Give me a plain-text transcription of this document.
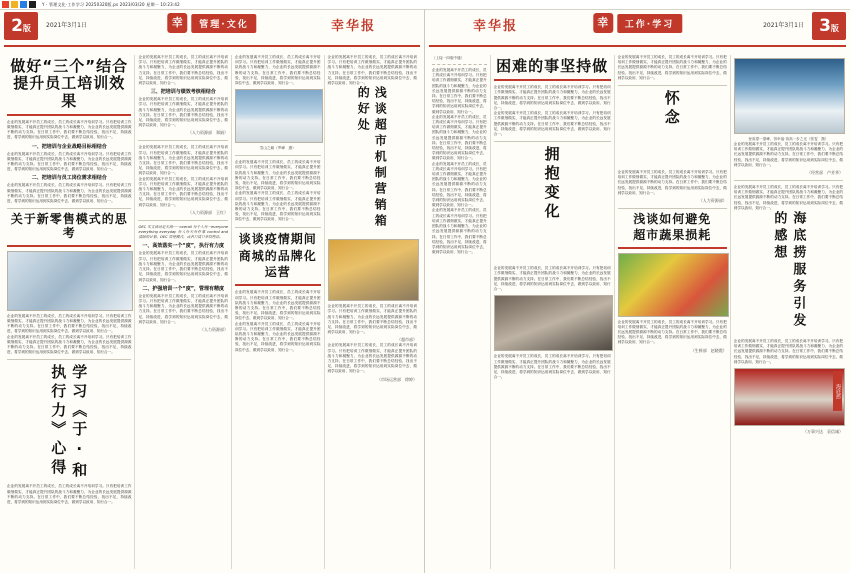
Y · 管理文化·工作学习 20250320版.ps 2023/03/20 星期一 10:23:42
2版	2021年3月1日	幸	管理·文化	幸华报
做好“三个”结合　提升员工培训效果
企业的发展离不开员工的成长，员工的成长离不开培训学习。只有把培训工作做细做实，才能真正提升团队的战斗力和凝聚力，为企业的长远发展提供源源不断的动力支持。在日常工作中，我们要不断总结经验，找出不足，持续改进，将学到的知识运用到实际岗位中去，做到学以致用、知行合一。
一、把培训与企业战略目标相结合
企业的发展离不开员工的成长，员工的成长离不开培训学习。只有把培训工作做细做实，才能真正提升团队的战斗力和凝聚力，为企业的长远发展提供源源不断的动力支持。在日常工作中，我们要不断总结经验，找出不足，持续改进，将学到的知识运用到实际岗位中去，做到学以致用、知行合一。
二、把培训与员工岗位需求相结合
企业的发展离不开员工的成长，员工的成长离不开培训学习。只有把培训工作做细做实，才能真正提升团队的战斗力和凝聚力，为企业的长远发展提供源源不断的动力支持。在日常工作中，我们要不断总结经验，找出不足，持续改进，将学到的知识运用到实际岗位中去，做到学以致用、知行合一。
关于新零售模式的思考
企业的发展离不开员工的成长，员工的成长离不开培训学习。只有把培训工作做细做实，才能真正提升团队的战斗力和凝聚力，为企业的长远发展提供源源不断的动力支持。在日常工作中，我们要不断总结经验，找出不足，持续改进，将学到的知识运用到实际岗位中去，做到学以致用、知行合一。
企业的发展离不开员工的成长，员工的成长离不开培训学习。只有把培训工作做细做实，才能真正提升团队的战斗力和凝聚力，为企业的长远发展提供源源不断的动力支持。在日常工作中，我们要不断总结经验，找出不足，持续改进，将学到的知识运用到实际岗位中去，做到学以致用、知行合一。
学习《于·和执行力》心得
企业的发展离不开员工的成长，员工的成长离不开培训学习。只有把培训工作做细做实，才能真正提升团队的战斗力和凝聚力，为企业的长远发展提供源源不断的动力支持。在日常工作中，我们要不断总结经验，找出不足，持续改进，将学到的知识运用到实际岗位中去，做到学以致用、知行合一。
企业的发展离不开员工的成长，员工的成长离不开培训学习。只有把培训工作做细做实，才能真正提升团队的战斗力和凝聚力，为企业的长远发展提供源源不断的动力支持。在日常工作中，我们要不断总结经验，找出不足，持续改进，将学到的知识运用到实际岗位中去，做到学以致用、知行合一。
三、把培训与绩效考核相结合
企业的发展离不开员工的成长，员工的成长离不开培训学习。只有把培训工作做细做实，才能真正提升团队的战斗力和凝聚力，为企业的长远发展提供源源不断的动力支持。在日常工作中，我们要不断总结经验，找出不足，持续改进，将学到的知识运用到实际岗位中去，做到学以致用、知行合一。
（人力资源部　郑娟）
企业的发展离不开员工的成长，员工的成长离不开培训学习。只有把培训工作做细做实，才能真正提升团队的战斗力和凝聚力，为企业的长远发展提供源源不断的动力支持。在日常工作中，我们要不断总结经验，找出不足，持续改进，将学到的知识运用到实际岗位中去，做到学以致用、知行合一。
企业的发展离不开员工的成长，员工的成长离不开培训学习。只有把培训工作做细做实，才能真正提升团队的战斗力和凝聚力，为企业的长远发展提供源源不断的动力支持。在日常工作中，我们要不断总结经验，找出不足，持续改进，将学到的知识运用到实际岗位中去，做到学以致用、知行合一。
（人力资源部　王红）
OEC 实文活动是天海······overall 每个人每一everyone everything everyday 每人每天每件事 control and 清除的计划、OEC 管理模式、或者日清日毕管理法。
一、高效落实一个“度”，执行有力度
企业的发展离不开员工的成长，员工的成长离不开培训学习。只有把培训工作做细做实，才能真正提升团队的战斗力和凝聚力，为企业的长远发展提供源源不断的动力支持。在日常工作中，我们要不断总结经验，找出不足，持续改进，将学到的知识运用到实际岗位中去，做到学以致用、知行合一。
二、护强培训一个“度”，管理有精度
企业的发展离不开员工的成长，员工的成长离不开培训学习。只有把培训工作做细做实，才能真正提升团队的战斗力和凝聚力，为企业的长远发展提供源源不断的动力支持。在日常工作中，我们要不断总结经验，找出不足，持续改进，将学到的知识运用到实际岗位中去，做到学以致用、知行合一。
（人力资源部）
企业的发展离不开员工的成长，员工的成长离不开培训学习。只有把培训工作做细做实，才能真正提升团队的战斗力和凝聚力，为企业的长远发展提供源源不断的动力支持。在日常工作中，我们要不断总结经验，找出不足，持续改进，将学到的知识运用到实际岗位中去，做到学以致用、知行合一。
雪山之巅（罗峰　摄）
企业的发展离不开员工的成长，员工的成长离不开培训学习。只有把培训工作做细做实，才能真正提升团队的战斗力和凝聚力，为企业的长远发展提供源源不断的动力支持。在日常工作中，我们要不断总结经验，找出不足，持续改进，将学到的知识运用到实际岗位中去，做到学以致用、知行合一。
企业的发展离不开员工的成长，员工的成长离不开培训学习。只有把培训工作做细做实，才能真正提升团队的战斗力和凝聚力，为企业的长远发展提供源源不断的动力支持。在日常工作中，我们要不断总结经验，找出不足，持续改进，将学到的知识运用到实际岗位中去，做到学以致用、知行合一。
谈谈疫情期间
商城的品牌化运营
企业的发展离不开员工的成长，员工的成长离不开培训学习。只有把培训工作做细做实，才能真正提升团队的战斗力和凝聚力，为企业的长远发展提供源源不断的动力支持。在日常工作中，我们要不断总结经验，找出不足，持续改进，将学到的知识运用到实际岗位中去，做到学以致用、知行合一。
企业的发展离不开员工的成长，员工的成长离不开培训学习。只有把培训工作做细做实，才能真正提升团队的战斗力和凝聚力，为企业的长远发展提供源源不断的动力支持。在日常工作中，我们要不断总结经验，找出不足，持续改进，将学到的知识运用到实际岗位中去，做到学以致用、知行合一。
企业的发展离不开员工的成长，员工的成长离不开培训学习。只有把培训工作做细做实，才能真正提升团队的战斗力和凝聚力，为企业的长远发展提供源源不断的动力支持。在日常工作中，我们要不断总结经验，找出不足，持续改进，将学到的知识运用到实际岗位中去，做到学以致用、知行合一。
浅谈超市机制营销箱的好处
企业的发展离不开员工的成长，员工的成长离不开培训学习。只有把培训工作做细做实，才能真正提升团队的战斗力和凝聚力，为企业的长远发展提供源源不断的动力支持。在日常工作中，我们要不断总结经验，找出不足，持续改进，将学到的知识运用到实际岗位中去，做到学以致用、知行合一。
（超市部）
企业的发展离不开员工的成长，员工的成长离不开培训学习。只有把培训工作做细做实，才能真正提升团队的战斗力和凝聚力，为企业的长远发展提供源源不断的动力支持。在日常工作中，我们要不断总结经验，找出不足，持续改进，将学到的知识运用到实际岗位中去，做到学以致用、知行合一。
（市场运营部　徐婷）
3版
2021年3月1日
幸	工作·学习
幸华报
（上接一四版中缝）
企业的发展离不开员工的成长，员工的成长离不开培训学习。只有把培训工作做细做实，才能真正提升团队的战斗力和凝聚力，为企业的长远发展提供源源不断的动力支持。在日常工作中，我们要不断总结经验，找出不足，持续改进，将学到的知识运用到实际岗位中去，做到学以致用、知行合一。
企业的发展离不开员工的成长，员工的成长离不开培训学习。只有把培训工作做细做实，才能真正提升团队的战斗力和凝聚力，为企业的长远发展提供源源不断的动力支持。在日常工作中，我们要不断总结经验，找出不足，持续改进，将学到的知识运用到实际岗位中去，做到学以致用、知行合一。
企业的发展离不开员工的成长，员工的成长离不开培训学习。只有把培训工作做细做实，才能真正提升团队的战斗力和凝聚力，为企业的长远发展提供源源不断的动力支持。在日常工作中，我们要不断总结经验，找出不足，持续改进，将学到的知识运用到实际岗位中去，做到学以致用、知行合一。
企业的发展离不开员工的成长，员工的成长离不开培训学习。只有把培训工作做细做实，才能真正提升团队的战斗力和凝聚力，为企业的长远发展提供源源不断的动力支持。在日常工作中，我们要不断总结经验，找出不足，持续改进，将学到的知识运用到实际岗位中去，做到学以致用、知行合一。
困难的事坚持做
企业的发展离不开员工的成长，员工的成长离不开培训学习。只有把培训工作做细做实，才能真正提升团队的战斗力和凝聚力，为企业的长远发展提供源源不断的动力支持。在日常工作中，我们要不断总结经验，找出不足，持续改进，将学到的知识运用到实际岗位中去，做到学以致用、知行合一。
企业的发展离不开员工的成长，员工的成长离不开培训学习。只有把培训工作做细做实，才能真正提升团队的战斗力和凝聚力，为企业的长远发展提供源源不断的动力支持。在日常工作中，我们要不断总结经验，找出不足，持续改进，将学到的知识运用到实际岗位中去，做到学以致用、知行合一。
拥抱变化
企业的发展离不开员工的成长，员工的成长离不开培训学习。只有把培训工作做细做实，才能真正提升团队的战斗力和凝聚力，为企业的长远发展提供源源不断的动力支持。在日常工作中，我们要不断总结经验，找出不足，持续改进，将学到的知识运用到实际岗位中去，做到学以致用、知行合一。
企业的发展离不开员工的成长，员工的成长离不开培训学习。只有把培训工作做细做实，才能真正提升团队的战斗力和凝聚力，为企业的长远发展提供源源不断的动力支持。在日常工作中，我们要不断总结经验，找出不足，持续改进，将学到的知识运用到实际岗位中去，做到学以致用、知行合一。
企业的发展离不开员工的成长，员工的成长离不开培训学习。只有把培训工作做细做实，才能真正提升团队的战斗力和凝聚力，为企业的长远发展提供源源不断的动力支持。在日常工作中，我们要不断总结经验，找出不足，持续改进，将学到的知识运用到实际岗位中去，做到学以致用、知行合一。
怀念
企业的发展离不开员工的成长，员工的成长离不开培训学习。只有把培训工作做细做实，才能真正提升团队的战斗力和凝聚力，为企业的长远发展提供源源不断的动力支持。在日常工作中，我们要不断总结经验，找出不足，持续改进，将学到的知识运用到实际岗位中去，做到学以致用、知行合一。
（人力资源部）
浅谈如何避免
超市蔬果损耗
企业的发展离不开员工的成长，员工的成长离不开培训学习。只有把培训工作做细做实，才能真正提升团队的战斗力和凝聚力，为企业的长远发展提供源源不断的动力支持。在日常工作中，我们要不断总结经验，找出不足，持续改进，将学到的知识运用到实际岗位中去，做到学以致用、知行合一。
（生鲜部　赵晓霞）
登高望一望峰，得幸福·再高一步之光（张雯　摄）
企业的发展离不开员工的成长，员工的成长离不开培训学习。只有把培训工作做细做实，才能真正提升团队的战斗力和凝聚力，为企业的长远发展提供源源不断的动力支持。在日常工作中，我们要不断总结经验，找出不足，持续改进，将学到的知识运用到实际岗位中去，做到学以致用、知行合一。
（经营部　卢芳华）
企业的发展离不开员工的成长，员工的成长离不开培训学习。只有把培训工作做细做实，才能真正提升团队的战斗力和凝聚力，为企业的长远发展提供源源不断的动力支持。在日常工作中，我们要不断总结经验，找出不足，持续改进，将学到的知识运用到实际岗位中去，做到学以致用、知行合一。
海底捞服务引发的感想
企业的发展离不开员工的成长，员工的成长离不开培训学习。只有把培训工作做细做实，才能真正提升团队的战斗力和凝聚力，为企业的长远发展提供源源不断的动力支持。在日常工作中，我们要不断总结经验，找出不足，持续改进，将学到的知识运用到实际岗位中去，做到学以致用、知行合一。
海底捞
（万事兴达　袁信诚）
